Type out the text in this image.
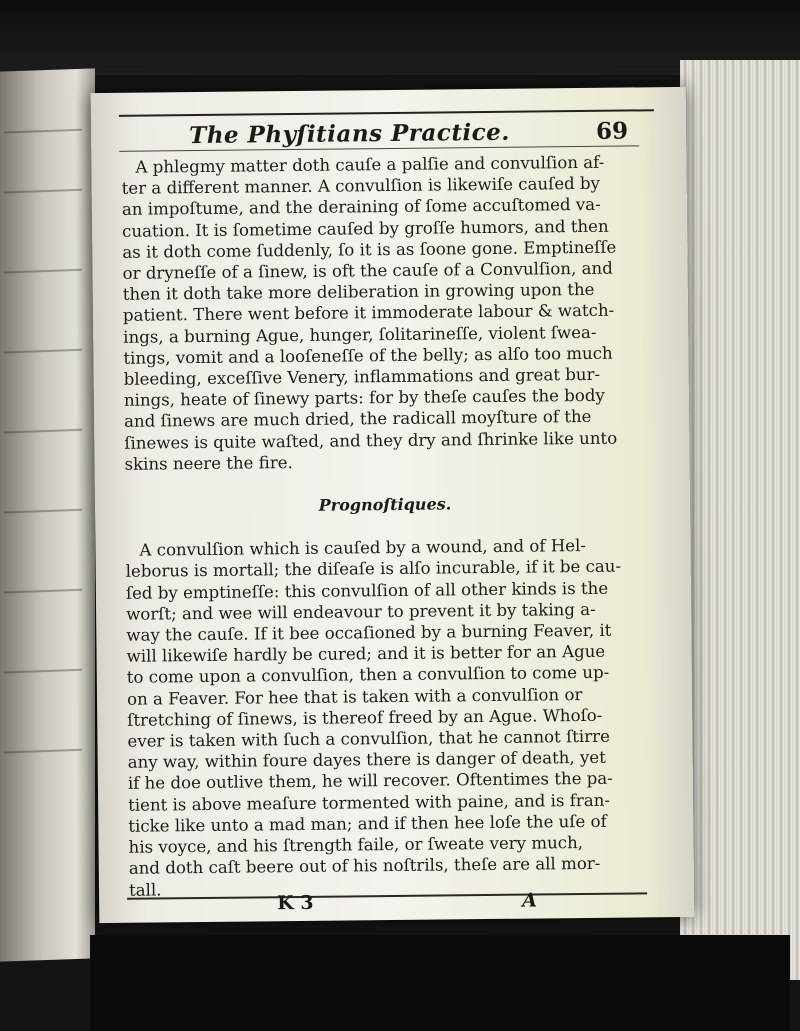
The Phyſitians Practice.	69

A phlegmy matter doth cauſe a palſie and convulſion af-
ter a different manner. A convulſion is likewiſe cauſed by
an impoſtume, and the deraining of ſome accuſtomed va-
cuation. It is ſometime cauſed by groſſe humors, and then
as it doth come ſuddenly, ſo it is as ſoone gone. Emptineſſe
or dryneſſe of a ſinew, is oft the cauſe of a Convulſion, and
then it doth take more deliberation in growing upon the
patient. There went before it immoderate labour & watch-
ings, a burning Ague, hunger, ſolitarineſſe, violent ſwea-
tings, vomit and a looſeneſſe of the belly; as alſo too much
bleeding, exceſſive Venery, inflammations and great bur-
nings, heate of ſinewy parts: for by theſe cauſes the body
and ſinews are much dried, the radicall moyſture of the
ſinewes is quite waſted, and they dry and ſhrinke like unto
skins neere the fire.

Prognoſtiques.

A convulſion which is cauſed by a wound, and of Hel-
leborus is mortall; the diſeaſe is alſo incurable, if it be cau-
ſed by emptineſſe: this convulſion of all other kinds is the
worſt; and wee will endeavour to prevent it by taking a-
way the cauſe. If it bee occaſioned by a burning Feaver, it
will likewiſe hardly be cured; and it is better for an Ague
to come upon a convulſion, then a convulſion to come up-
on a Feaver. For hee that is taken with a convulſion or
ſtretching of ſinews, is thereof freed by an Ague. Whoſo-
ever is taken with ſuch a convulſion, that he cannot ſtirre
any way, within foure dayes there is danger of death, yet
if he doe outlive them, he will recover. Oftentimes the pa-
tient is above meaſure tormented with paine, and is fran-
ticke like unto a mad man; and if then hee loſe the uſe of
his voyce, and his ſtrength faile, or ſweate very much,
and doth caſt beere out of his noſtrils, theſe are all mor-
tall.

K 3	A
